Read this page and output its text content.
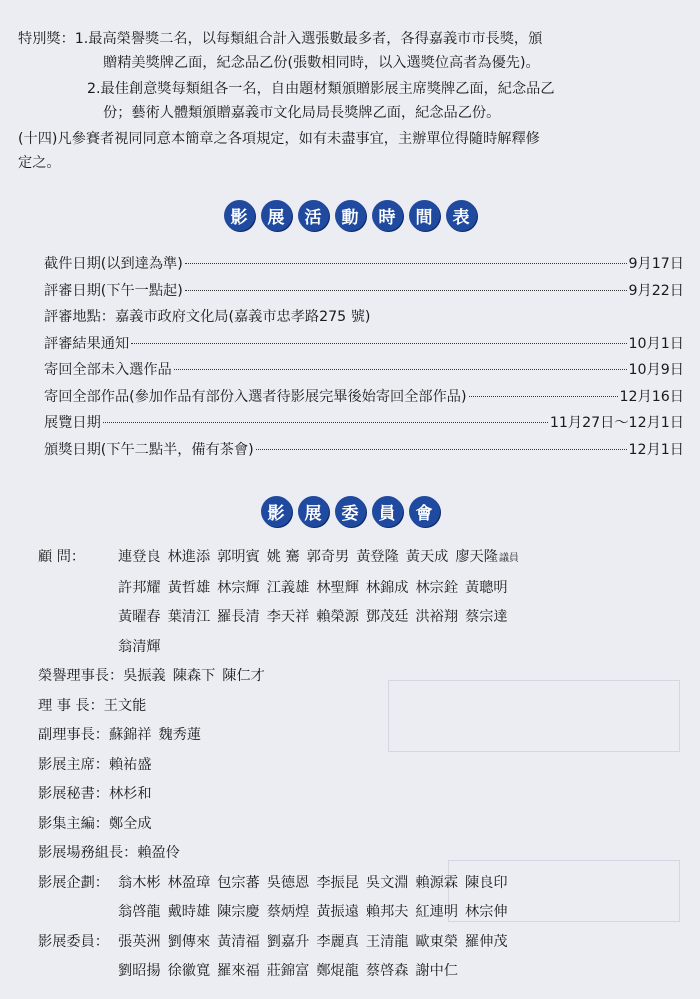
特別獎：1.最高榮譽獎二名，以每類組合計入選張數最多者，各得嘉義市市長獎，頒
贈精美獎牌乙面，紀念品乙份(張數相同時，以入選獎位高者為優先)。
2.最佳創意獎每類組各一名，自由題材類頒贈影展主席獎牌乙面，紀念品乙
份；藝術人體類頒贈嘉義市文化局局長獎牌乙面，紀念品乙份。
(十四)凡參賽者視同同意本簡章之各項規定，如有未盡事宜，主辦單位得隨時解釋修
定之。
影	展	活	動	時	間	表
截件日期(以到達為準)	9月17日
評審日期(下午一點起)	9月22日
評審地點：嘉義市政府文化局(嘉義市忠孝路275 號)
評審結果通知	10月1日
寄回全部未入選作品	10月9日
寄回全部作品(參加作品有部份入選者待影展完畢後始寄回全部作品)	12月16日
展覽日期	11月27日～12月1日
頒獎日期(下午二點半，備有茶會)	12月1日
影	展	委	員	會
顧 問：	連登良 林進添 郭明賓 姚 騫 郭奇男 黃登隆 黃天成 廖天隆議員
許邦耀 黃哲雄 林宗輝 江義雄 林聖輝 林錦成 林宗銓 黃聰明
黃曜春 葉清江 羅長清 李天祥 賴榮源 鄧茂廷 洪裕翔 蔡宗達
翁清輝
榮譽理事長： 吳振義 陳森下 陳仁才
理 事 長： 王文能
副理事長： 蘇錦祥 魏秀蓮
影展主席： 賴祐盛
影展秘書： 林杉和
影集主編： 鄭全成
影展場務組長： 賴盈伶
影展企劃： 翁木彬 林盈璋 包宗蕃 吳德恩 李振昆 吳文淵 賴源霖 陳良印
翁啓龍 戴時雄 陳宗慶 蔡炳煌 黃振遠 賴邦夫 紅連明 林宗伸
影展委員： 張英洲 劉傳來 黃清福 劉嘉升 李麗真 王清龍 歐東榮 羅伸茂
劉昭揚 徐徽寬 羅來福 莊錦富 鄭焜龍 蔡啓森 謝中仁
